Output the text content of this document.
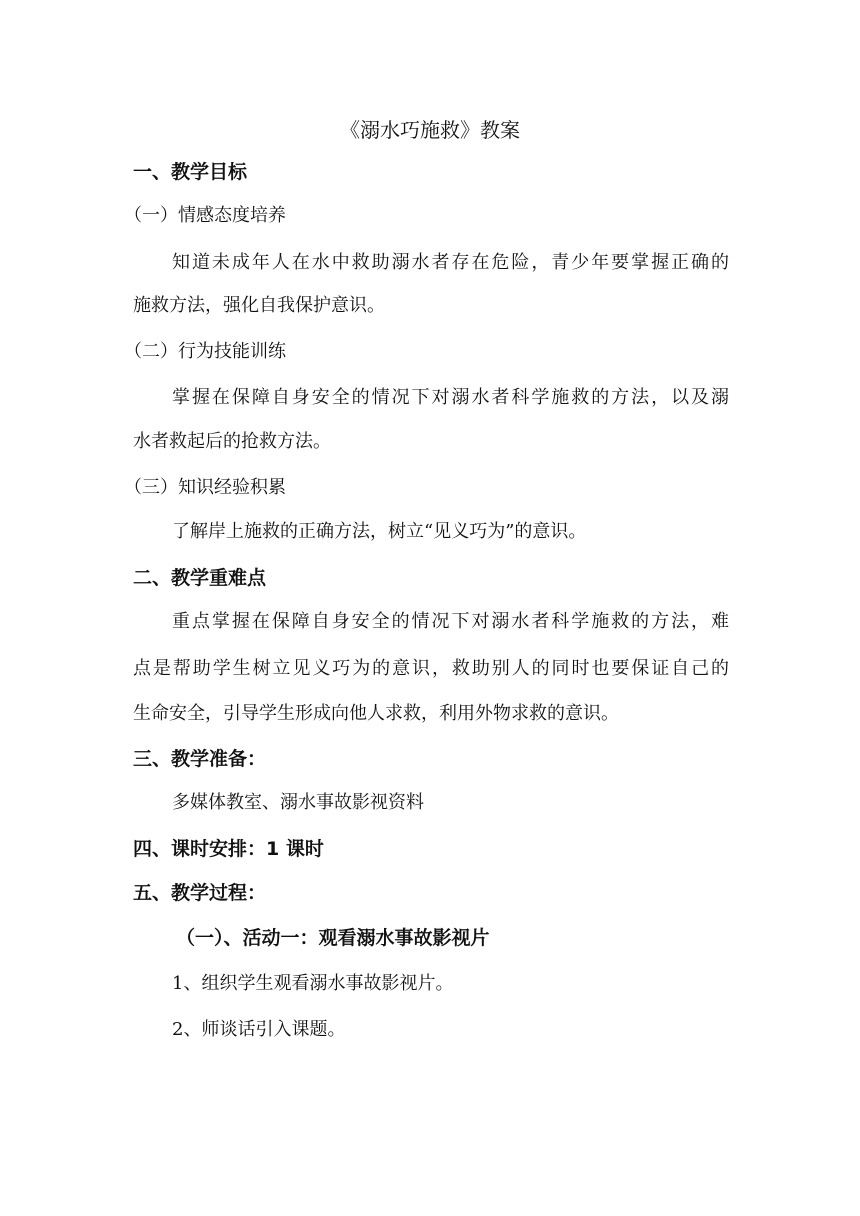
《溺水巧施救》教案
一、教学目标
（一）情感态度培养
知道未成年人在水中救助溺水者存在危险，青少年要掌握正确的
施救方法，强化自我保护意识。
（二）行为技能训练
掌握在保障自身安全的情况下对溺水者科学施救的方法，以及溺
水者救起后的抢救方法。
（三）知识经验积累
了解岸上施救的正确方法，树立“见义巧为”的意识。
二、教学重难点
重点掌握在保障自身安全的情况下对溺水者科学施救的方法，难
点是帮助学生树立见义巧为的意识，救助别人的同时也要保证自己的
生命安全，引导学生形成向他人求救，利用外物求救的意识。
三、教学准备：
多媒体教室、溺水事故影视资料
四、课时安排：1 课时
五、教学过程：
（一）、活动一：观看溺水事故影视片
1、组织学生观看溺水事故影视片。
2、师谈话引入课题。
